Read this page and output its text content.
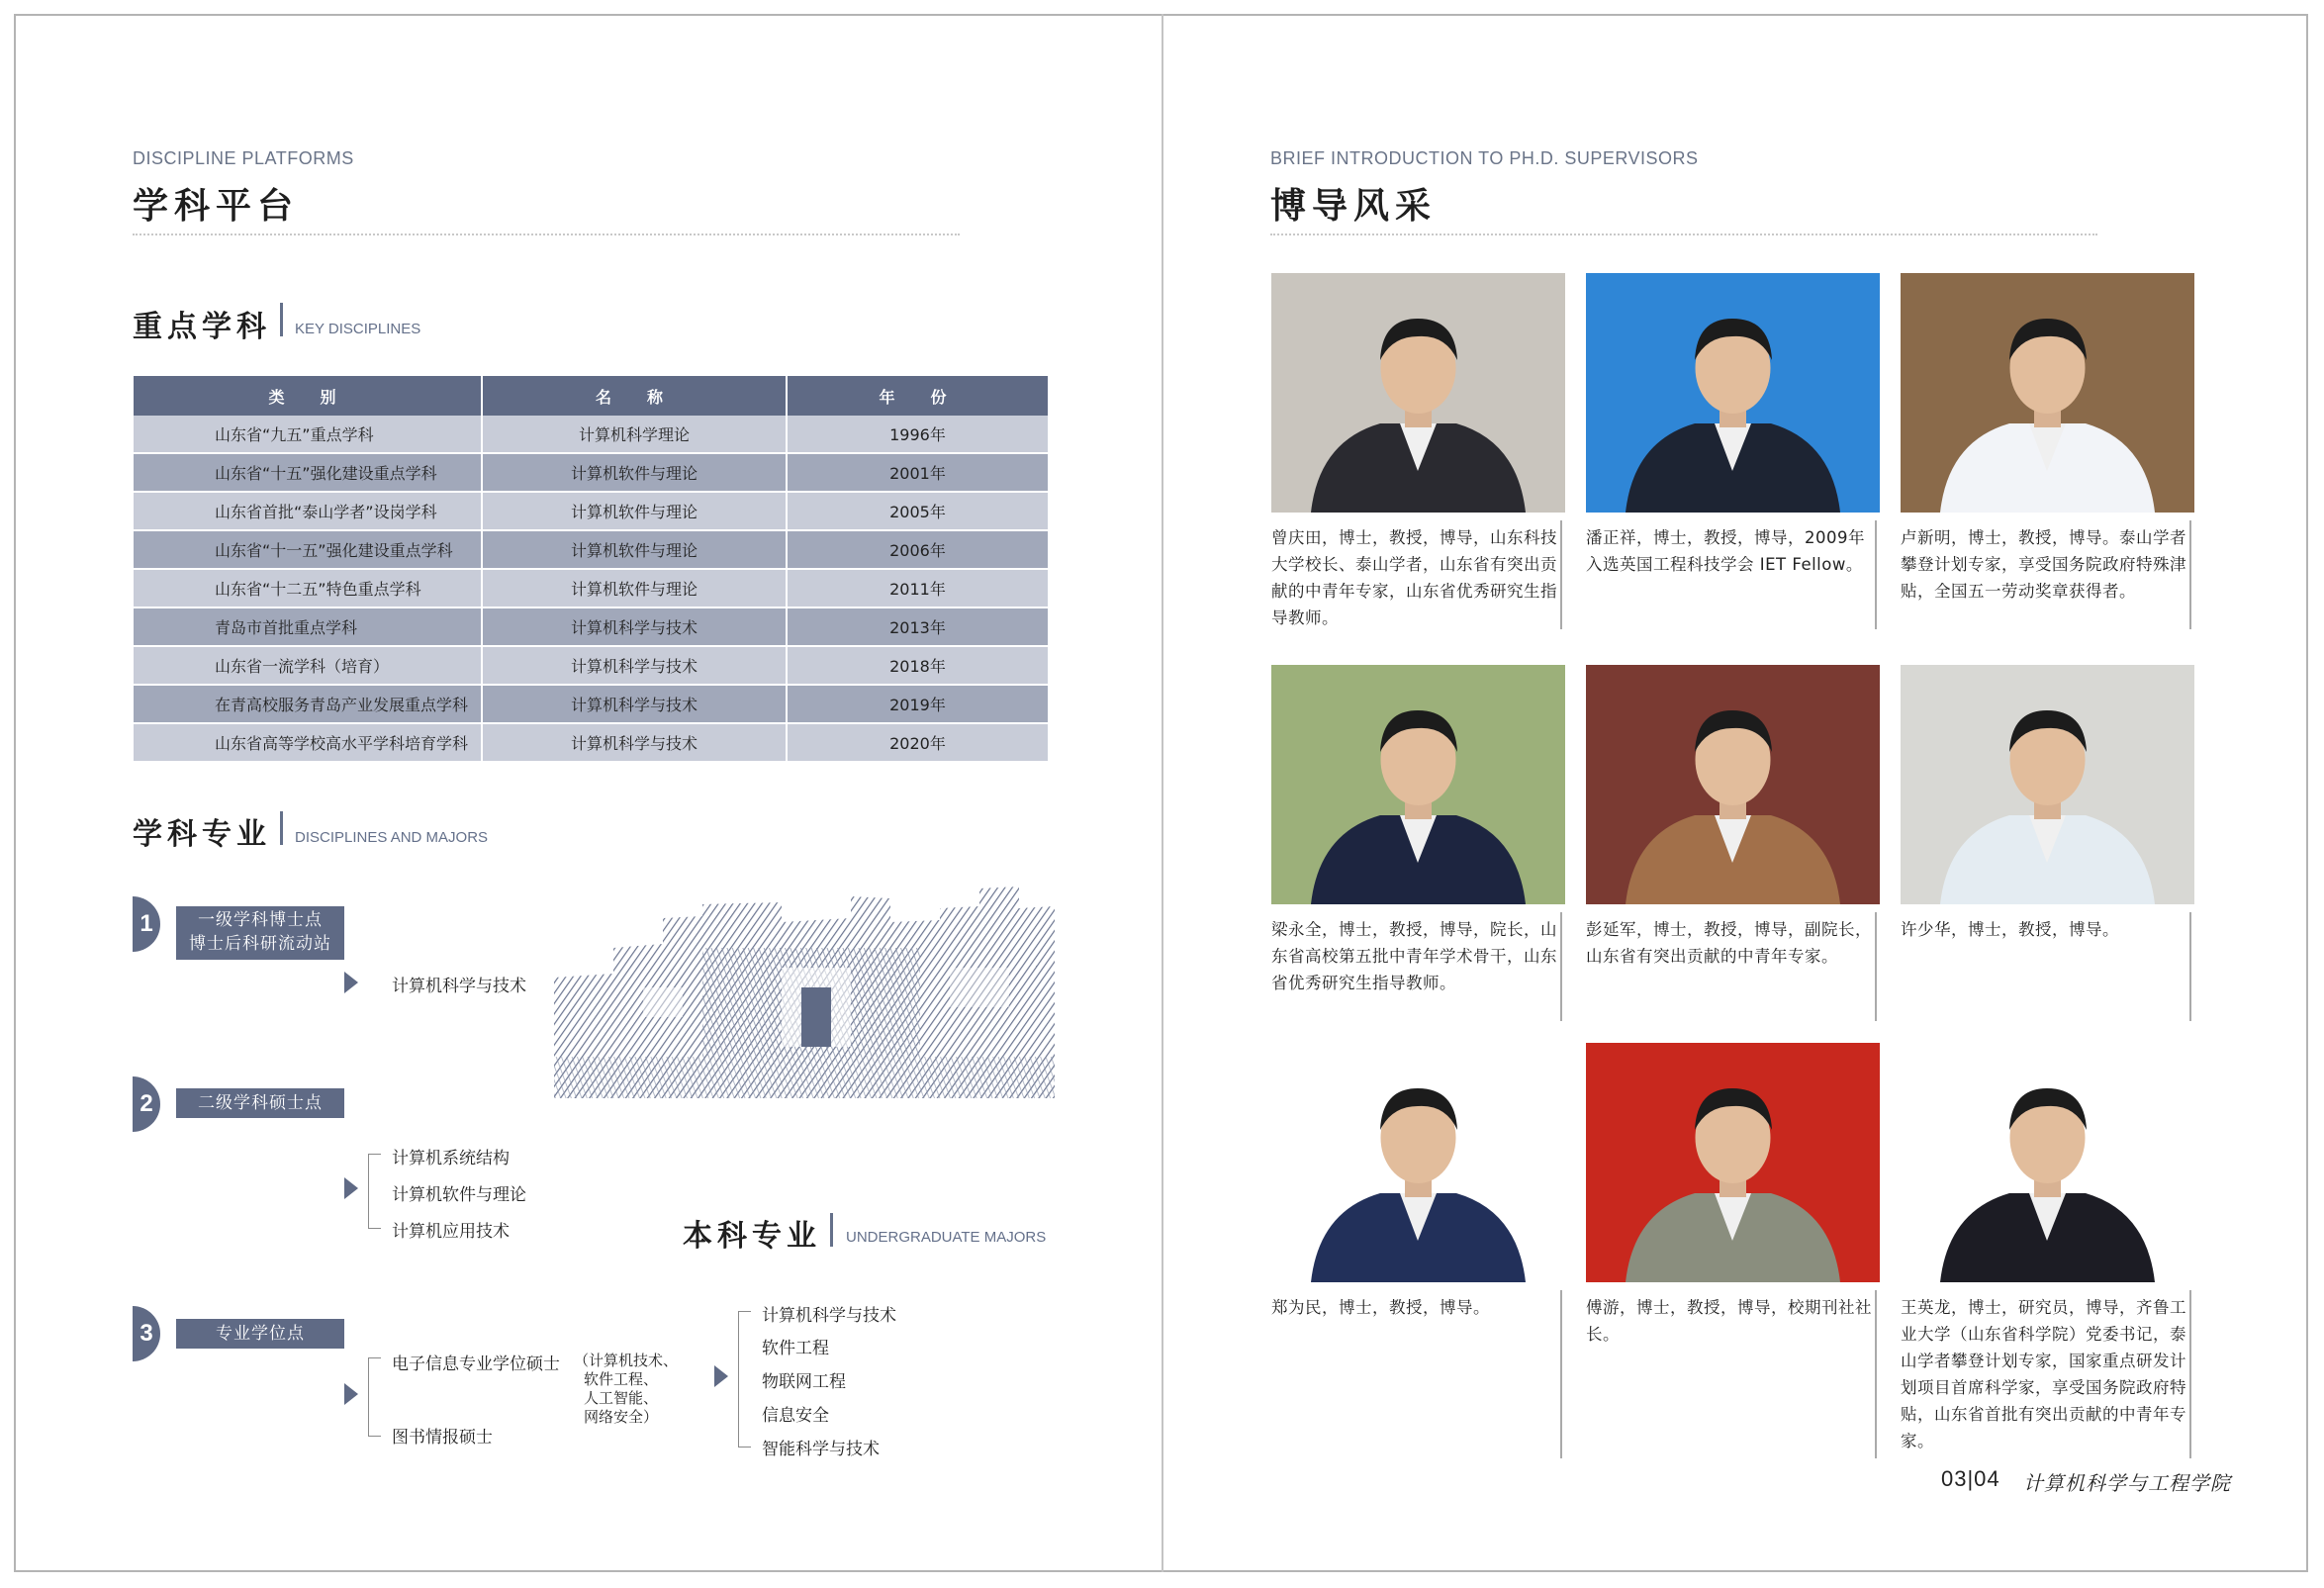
DISCIPLINE PLATFORMS
学科平台
重点学科 KEY DISCIPLINES
类　别	名　称	年　份
山东省“九五”重点学科	计算机科学理论	1996年
山东省“十五”强化建设重点学科	计算机软件与理论	2001年
山东省首批“泰山学者”设岗学科	计算机软件与理论	2005年
山东省“十一五”强化建设重点学科	计算机软件与理论	2006年
山东省“十二五”特色重点学科	计算机软件与理论	2011年
青岛市首批重点学科	计算机科学与技术	2013年
山东省一流学科（培育）	计算机科学与技术	2018年
在青高校服务青岛产业发展重点学科	计算机科学与技术	2019年
山东省高等学校高水平学科培育学科	计算机科学与技术	2020年
学科专业 DISCIPLINES AND MAJORS
1	一级学科博士点
博士后科研流动站
计算机科学与技术
2	二级学科硕士点
计算机系统结构
计算机软件与理论
计算机应用技术	本科专业 UNDERGRADUATE MAJORS
3	专业学位点
电子信息专业学位硕士 （计算机技术、
软件工程、
人工智能、
网络安全）
图书情报硕士
计算机科学与技术
软件工程
物联网工程
信息安全
智能科学与技术
BRIEF INTRODUCTION TO PH.D. SUPERVISORS
博导风采
曾庆田，博士，教授，博导，山东科技大学校长、泰山学者，山东省有突出贡献的中青年专家，山东省优秀研究生指导教师。
潘正祥，博士，教授，博导，2009年入选英国工程科技学会 IET Fellow。
卢新明，博士，教授，博导。泰山学者攀登计划专家，享受国务院政府特殊津贴，全国五一劳动奖章获得者。
梁永全，博士，教授，博导，院长，山东省高校第五批中青年学术骨干，山东省优秀研究生指导教师。
彭延军，博士，教授，博导，副院长，山东省有突出贡献的中青年专家。
许少华，博士，教授，博导。
郑为民，博士，教授，博导。	傅游，博士，教授，博导，校期刊社社长。
王英龙，博士，研究员，博导，齐鲁工业大学（山东省科学院）党委书记，泰山学者攀登计划专家，国家重点研发计划项目首席科学家，享受国务院政府特贴，山东省首批有突出贡献的中青年专家。
03|04 计算机科学与工程学院
